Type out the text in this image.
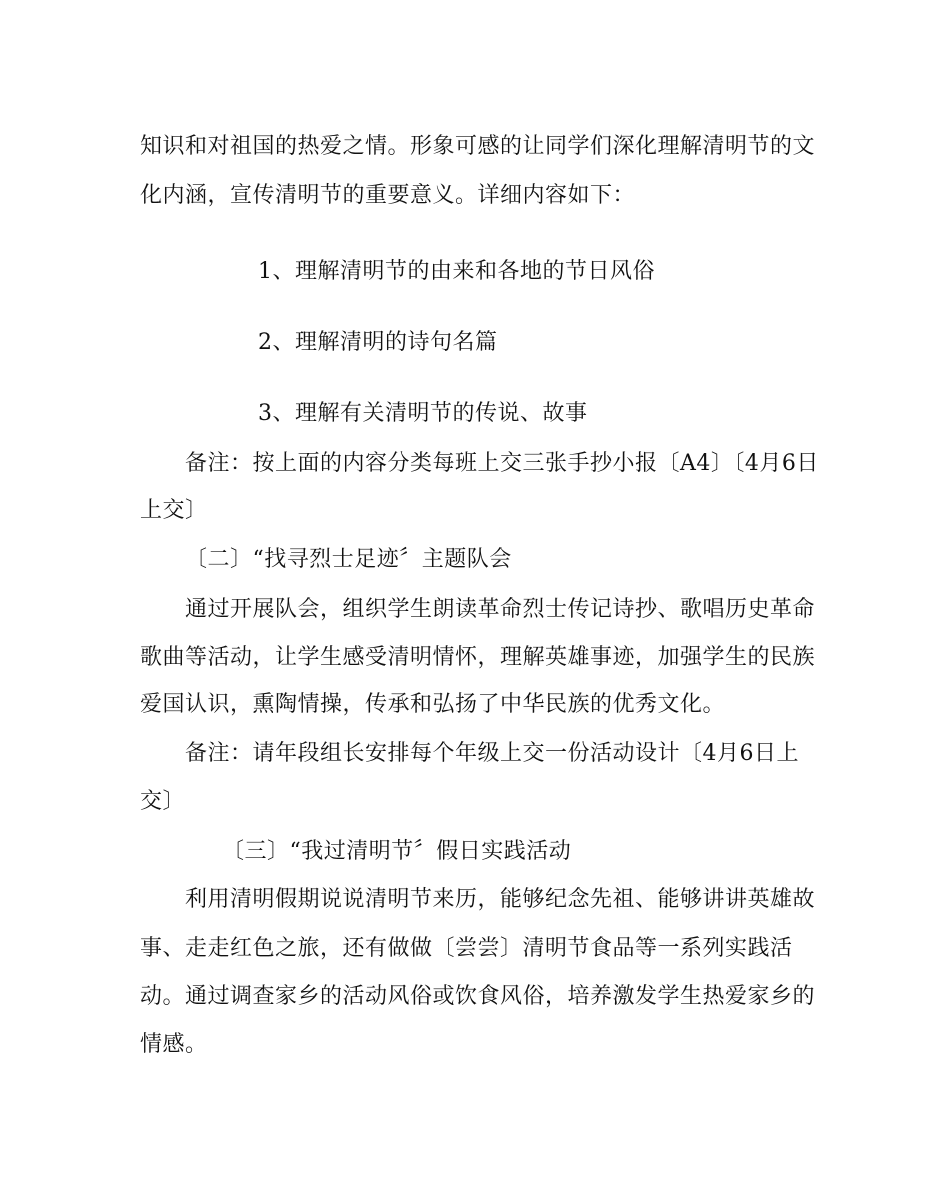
知识和对祖国的热爱之情。形象可感的让同学们深化理解清明节的文
化内涵，宣传清明节的重要意义。详细内容如下：
1、理解清明节的由来和各地的节日风俗
2、理解清明的诗句名篇
3、理解有关清明节的传说、故事
备注：按上面的内容分类每班上交三张手抄小报〔A4〕〔4月6日
上交〕
〔二〕“找寻烈士足迹〞主题队会
通过开展队会，组织学生朗读革命烈士传记诗抄、歌唱历史革命
歌曲等活动，让学生感受清明情怀，理解英雄事迹，加强学生的民族
爱国认识，熏陶情操，传承和弘扬了中华民族的优秀文化。
备注：请年段组长安排每个年级上交一份活动设计〔4月6日上
交〕
〔三〕“我过清明节〞假日实践活动
利用清明假期说说清明节来历，能够纪念先祖、能够讲讲英雄故
事、走走红色之旅，还有做做〔尝尝〕清明节食品等一系列实践活
动。通过调查家乡的活动风俗或饮食风俗，培养激发学生热爱家乡的
情感。
